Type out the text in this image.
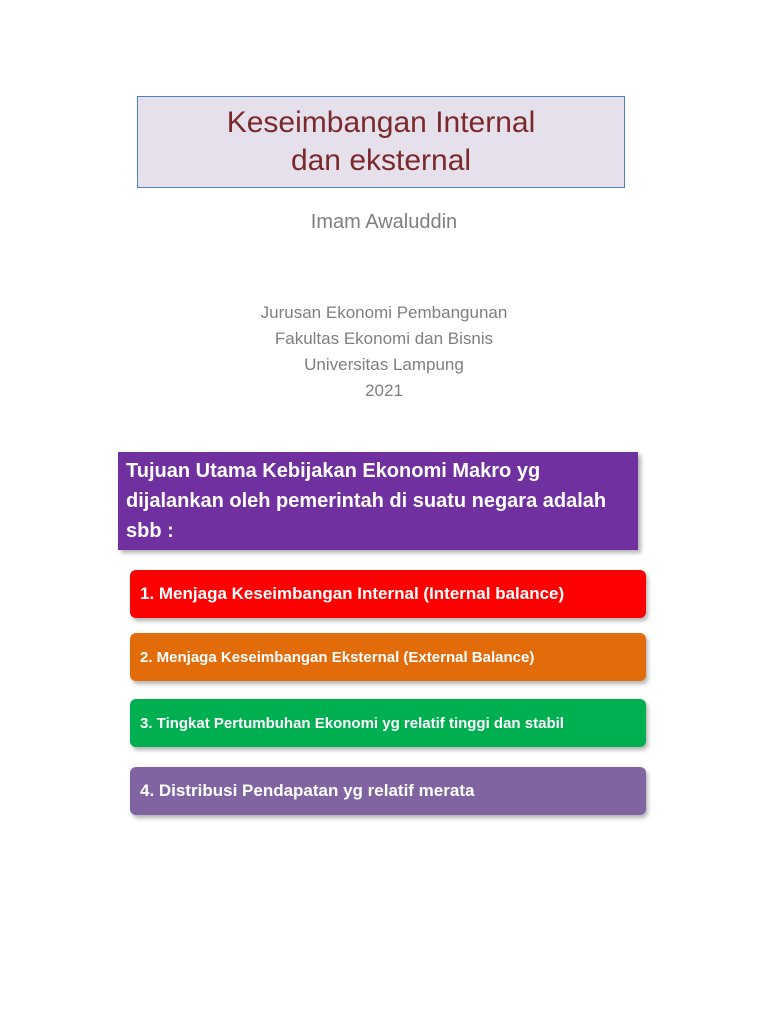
Keseimbangan Internal
dan eksternal
Imam Awaluddin
Jurusan Ekonomi Pembangunan
Fakultas Ekonomi dan Bisnis
Universitas Lampung
2021
Tujuan Utama Kebijakan Ekonomi Makro yg dijalankan oleh pemerintah di suatu negara adalah sbb :
1. Menjaga Keseimbangan Internal (Internal balance)
2. Menjaga Keseimbangan Eksternal (External Balance)
3. Tingkat Pertumbuhan Ekonomi yg relatif tinggi dan stabil
4. Distribusi Pendapatan yg relatif merata
